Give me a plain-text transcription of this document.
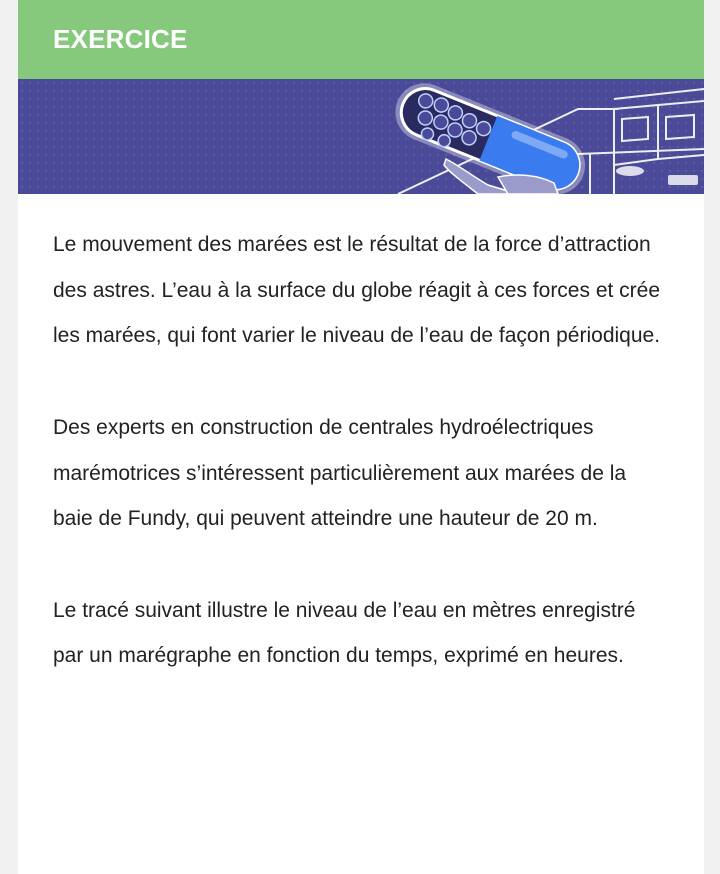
EXERCICE

Le mouvement des marées est le résultat de la force d’attraction des astres. L’eau à la surface du globe réagit à ces forces et crée les marées, qui font varier le niveau de l’eau de façon périodique.

Des experts en construction de centrales hydroélectriques marémotrices s’intéressent particulièrement aux marées de la baie de Fundy, qui peuvent atteindre une hauteur de 20 m.

Le tracé suivant illustre le niveau de l’eau en mètres enregistré par un marégraphe en fonction du temps, exprimé en heures.
